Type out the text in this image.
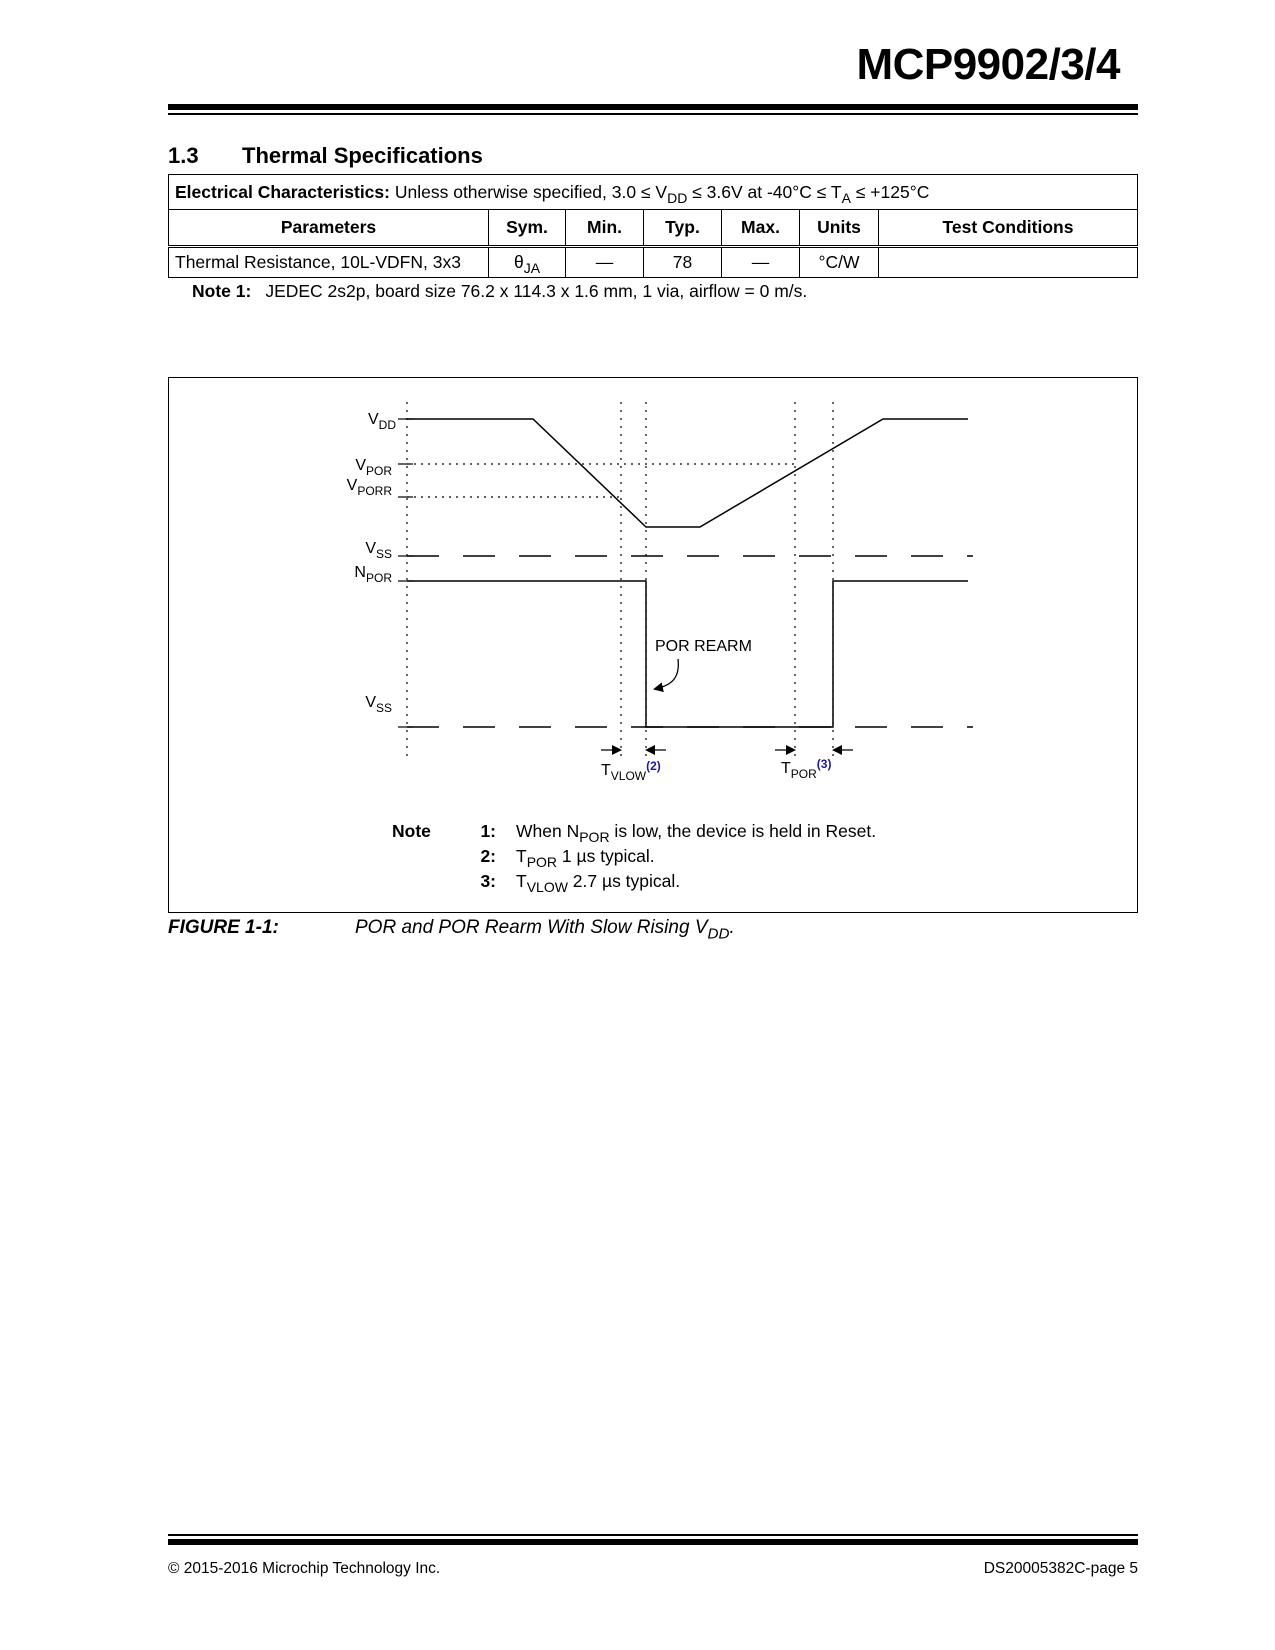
MCP9902/3/4
1.3 Thermal Specifications
Electrical Characteristics: Unless otherwise specified, $3.0 \le V_{DD} \le 3.6V$ at $-40^\circ C \le T_A \le +125^\circ C$						
Parameters	Sym.	Min.	Typ.	Max.	Units	Test Conditions
Thermal Resistance, 10L-VDFN, 3x3	$\theta_{JA}$	—	78	—	°C/W	
Note 1: JEDEC 2s2p, board size 76.2 x 114.3 x 1.6 mm, 1 via, airflow = 0 m/s.
$V_{DD}$
$V_{POR}$
$V_{PORR}$
$V_{SS}$
$N_{POR}$
$V_{SS}$
POR REARM
$T_{VLOW}^{(2)}$	$T_{POR}^{(3)}$
Note	1: When $N_{POR}$ is low, the device is held in Reset.
2: $T_{POR}$ 1 µs typical.
3: $T_{VLOW}$ 2.7 µs typical.
FIGURE 1-1:	POR and POR Rearm With Slow Rising $V_{DD}$.
© 2015-2016 Microchip Technology Inc.	DS20005382C-page 5
